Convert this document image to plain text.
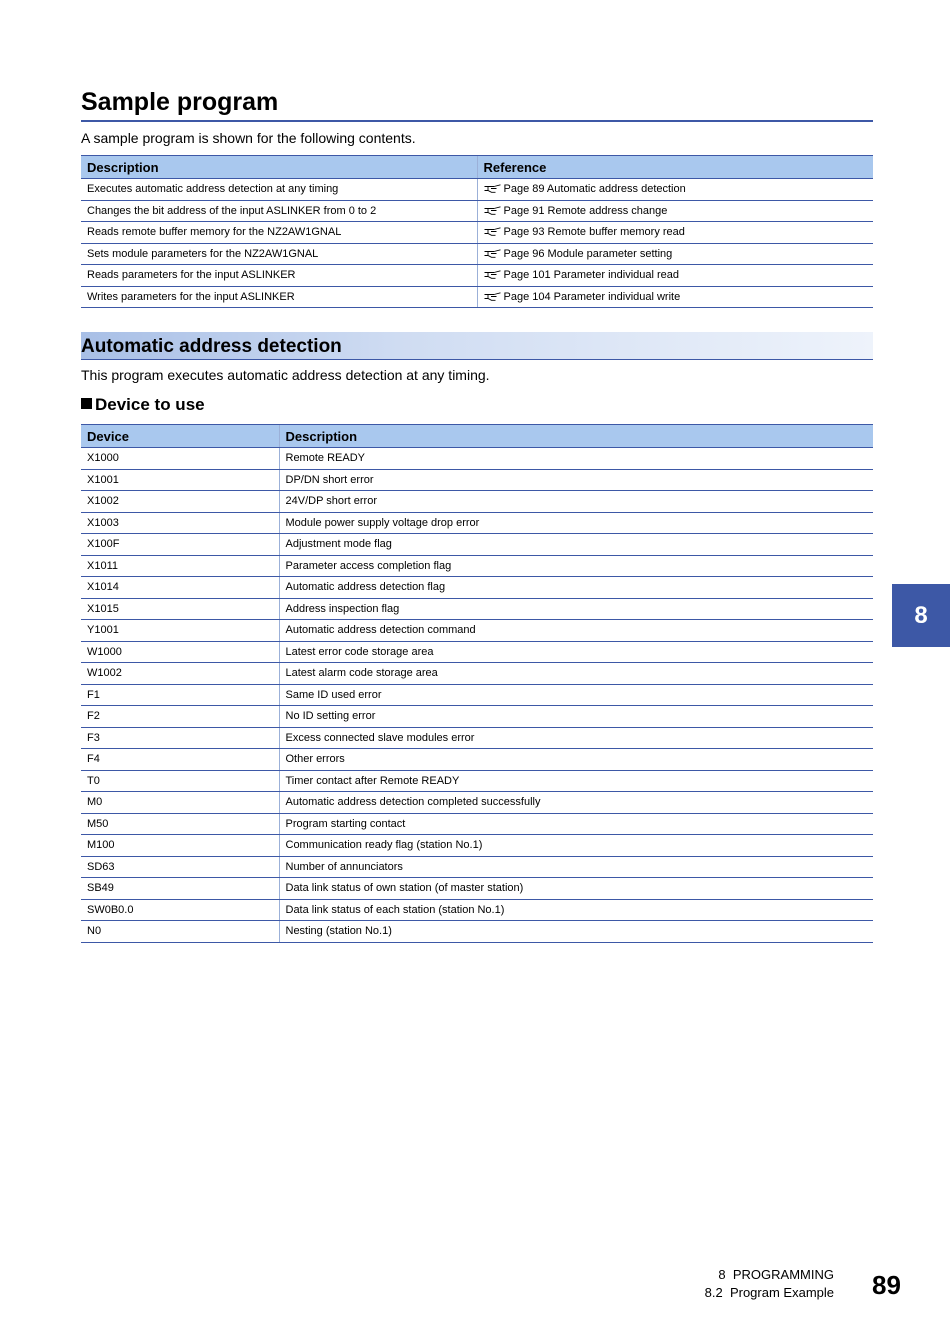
Sample program
A sample program is shown for the following contents.
Description	Reference
Executes automatic address detection at any timing	Page 89 Automatic address detection
Changes the bit address of the input ASLINKER from 0 to 2	Page 91 Remote address change
Reads remote buffer memory for the NZ2AW1GNAL	Page 93 Remote buffer memory read
Sets module parameters for the NZ2AW1GNAL	Page 96 Module parameter setting
Reads parameters for the input ASLINKER	Page 101 Parameter individual read
Writes parameters for the input ASLINKER	Page 104 Parameter individual write
Automatic address detection
This program executes automatic address detection at any timing.
Device to use
Device	Description
X1000	Remote READY
X1001	DP/DN short error
X1002	24V/DP short error
X1003	Module power supply voltage drop error
X100F	Adjustment mode flag
X1011	Parameter access completion flag
X1014	Automatic address detection flag
X1015	Address inspection flag
Y1001	Automatic address detection command
W1000	Latest error code storage area
W1002	Latest alarm code storage area
F1	Same ID used error
F2	No ID setting error
F3	Excess connected slave modules error
F4	Other errors
T0	Timer contact after Remote READY
M0	Automatic address detection completed successfully
M50	Program starting contact
M100	Communication ready flag (station No.1)
SD63	Number of annunciators
SB49	Data link status of own station (of master station)
SW0B0.0	Data link status of each station (station No.1)
N0	Nesting (station No.1)
8
8  PROGRAMMING
8.2  Program Example 89
